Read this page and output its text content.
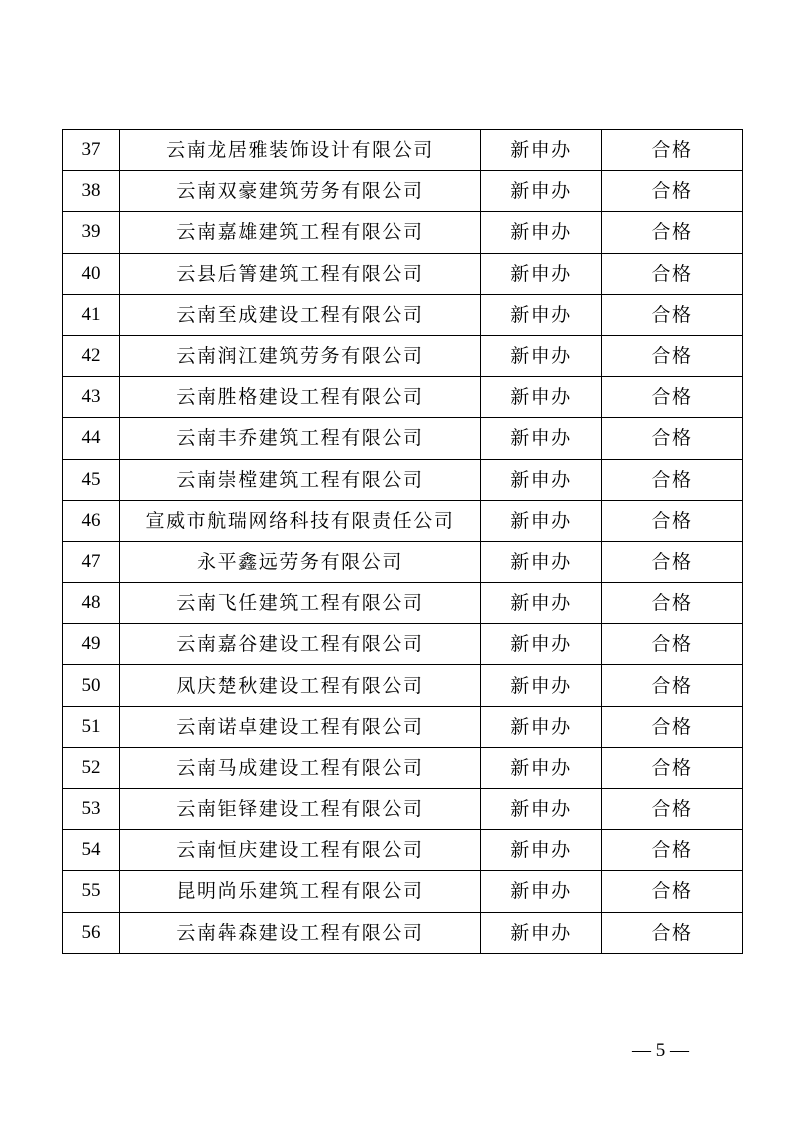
37	云南龙居雅装饰设计有限公司	新申办	合格
38	云南双豪建筑劳务有限公司	新申办	合格
39	云南嘉雄建筑工程有限公司	新申办	合格
40	云县后箐建筑工程有限公司	新申办	合格
41	云南至成建设工程有限公司	新申办	合格
42	云南润江建筑劳务有限公司	新申办	合格
43	云南胜格建设工程有限公司	新申办	合格
44	云南丰乔建筑工程有限公司	新申办	合格
45	云南崇樘建筑工程有限公司	新申办	合格
46	宣威市航瑞网络科技有限责任公司	新申办	合格
47	永平鑫远劳务有限公司	新申办	合格
48	云南飞任建筑工程有限公司	新申办	合格
49	云南嘉谷建设工程有限公司	新申办	合格
50	凤庆楚秋建设工程有限公司	新申办	合格
51	云南诺卓建设工程有限公司	新申办	合格
52	云南马成建设工程有限公司	新申办	合格
53	云南钜铎建设工程有限公司	新申办	合格
54	云南恒庆建设工程有限公司	新申办	合格
55	昆明尚乐建筑工程有限公司	新申办	合格
56	云南犇森建设工程有限公司	新申办	合格
— 5 —
